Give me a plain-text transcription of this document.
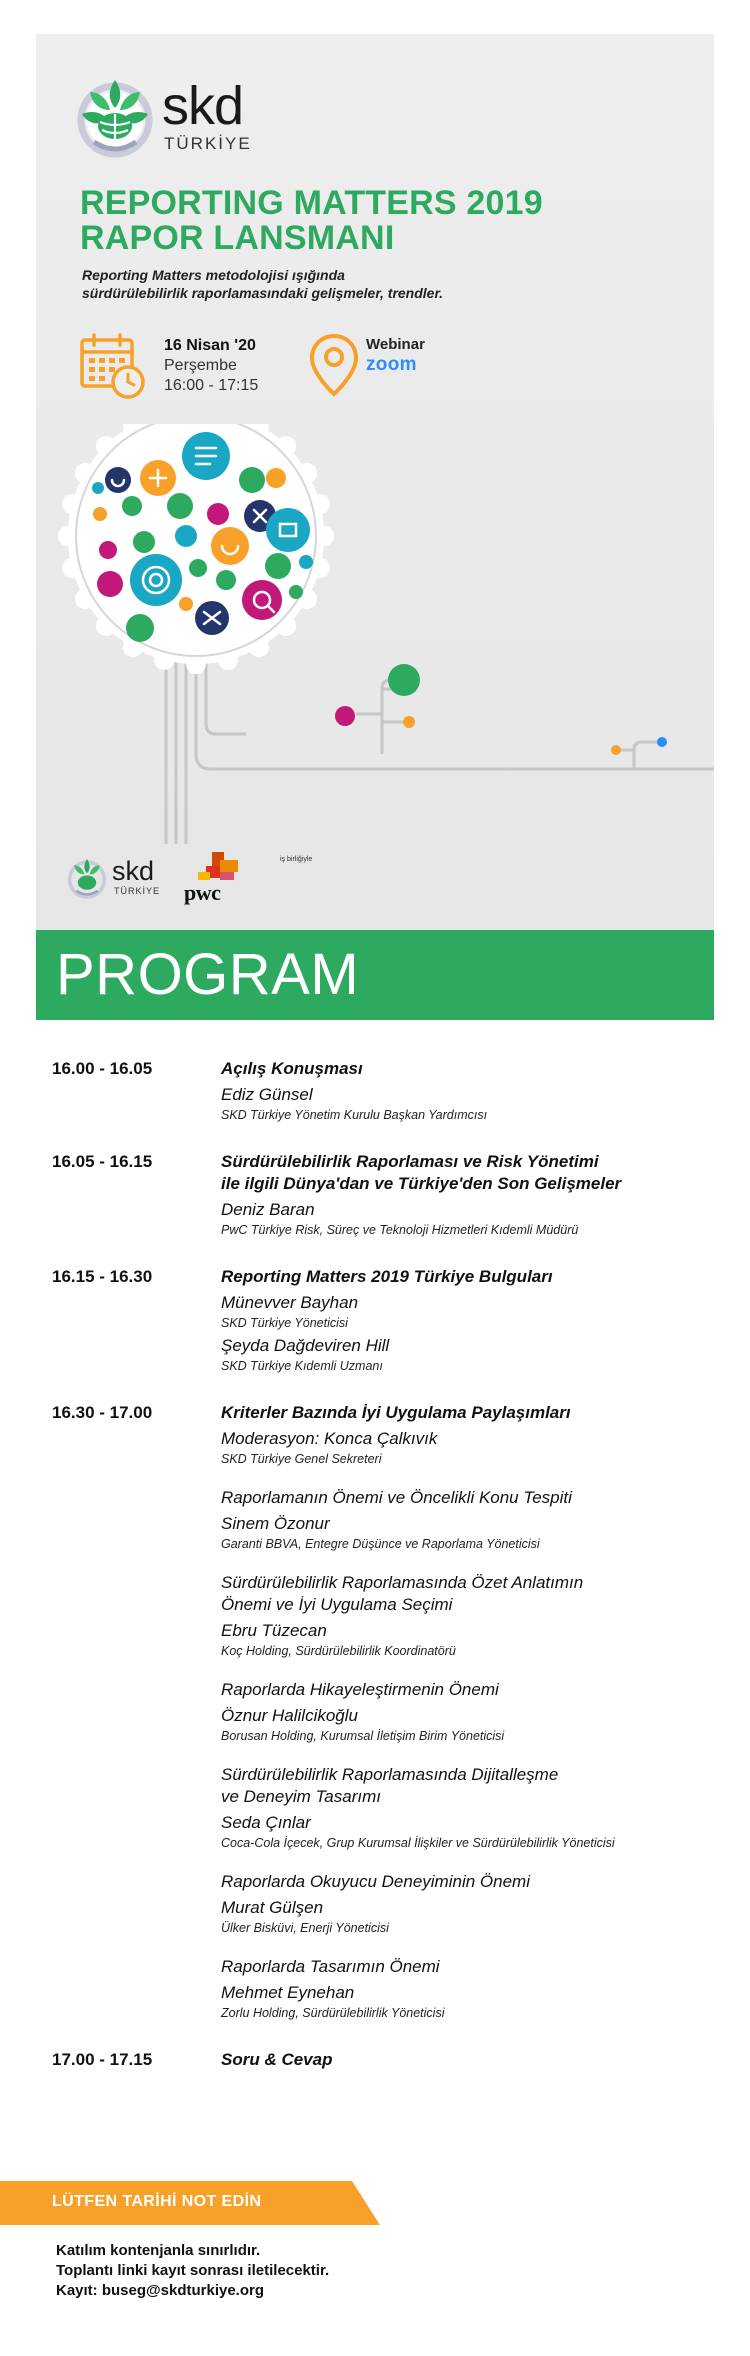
skd
TÜRKİYE
REPORTING MATTERS 2019
RAPOR LANSMANI
Reporting Matters metodolojisi ışığında
sürdürülebilirlik raporlamasındaki gelişmeler, trendler.
16 Nisan '20
Perşembe
16:00 - 17:15
Webinar
zoom
skd
TÜRKİYE pwc
iş birliğiyle
PROGRAM
16.00 - 16.05	Açılış Konuşması
Ediz Günsel
SKD Türkiye Yönetim Kurulu Başkan Yardımcısı
16.05 - 16.15	Sürdürülebilirlik Raporlaması ve Risk Yönetimi
ile ilgili Dünya'dan ve Türkiye'den Son Gelişmeler
Deniz Baran
PwC Türkiye Risk, Süreç ve Teknoloji Hizmetleri Kıdemli Müdürü
16.15 - 16.30	Reporting Matters 2019 Türkiye Bulguları
Münevver Bayhan
SKD Türkiye Yöneticisi
Şeyda Dağdeviren Hill
SKD Türkiye Kıdemli Uzmanı
16.30 - 17.00	Kriterler Bazında İyi Uygulama Paylaşımları
Moderasyon: Konca Çalkıvık
SKD Türkiye Genel Sekreteri
Raporlamanın Önemi ve Öncelikli Konu Tespiti
Sinem Özonur
Garanti BBVA, Entegre Düşünce ve Raporlama Yöneticisi
Sürdürülebilirlik Raporlamasında Özet Anlatımın
Önemi ve İyi Uygulama Seçimi
Ebru Tüzecan
Koç Holding, Sürdürülebilirlik Koordinatörü
Raporlarda Hikayeleştirmenin Önemi
Öznur Halilcikoğlu
Borusan Holding, Kurumsal İletişim Birim Yöneticisi
Sürdürülebilirlik Raporlamasında Dijitalleşme
ve Deneyim Tasarımı
Seda Çınlar
Coca-Cola İçecek, Grup Kurumsal İlişkiler ve Sürdürülebilirlik Yöneticisi
Raporlarda Okuyucu Deneyiminin Önemi
Murat Gülşen
Ülker Bisküvi, Enerji Yöneticisi
Raporlarda Tasarımın Önemi
Mehmet Eynehan
Zorlu Holding, Sürdürülebilirlik Yöneticisi
17.00 - 17.15	Soru & Cevap
LÜTFEN TARİHİ NOT EDİN
Katılım kontenjanla sınırlıdır.
Toplantı linki kayıt sonrası iletilecektir.
Kayıt: buseg@skdturkiye.org
